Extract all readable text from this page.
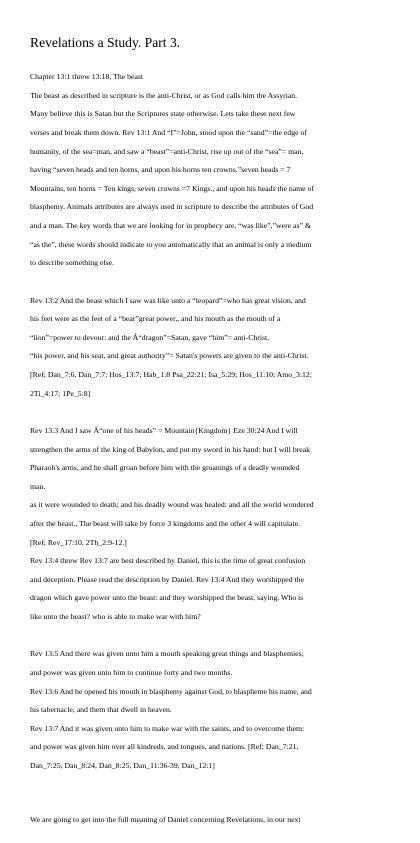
Revelations a Study. Part 3.

Chapter 13:1 threw 13:18, The beast

The beast as described in scripture is the anti-Christ, or as God calls him the Assyrian.

Many believe this is Satan but the Scriptures state otherwise. Lets take these next few

verses and break them down. Rev 13:1 And “I”=John, stood upon the “sand”=the edge of

humanity, of the sea=man, and saw a “beast”=anti-Christ, rise up out of the “sea”= man,

having “seven heads and ten horns, and upon his horns ten crowns.”seven heads = 7

Mountains, ten horns = Ten kings, seven crowns =7 Kings., and upon his heads the name of

blasphemy. Animals attributes are always used in scripture to describe the attributes of God

and a man. The key words that we are looking for in prophecy are, “was like”,”were as” &

“as the”, these words should indicate to you automatically that an animal is only a medium

to describe something else.

Rev 13:2 And the beast which I saw was like unto a “leopard”=who has great vision, and

his feet were as the feet of a “bear”great power,, and his mouth as the mouth of a

“lion”=power to devour: and the Â“dragon”=Satan, gave “him”= anti-Christ,

“his power, and his seat, and great authority”= Satan's powers are given to the anti-Christ.

[Ref; Dan_7:6, Dan_7:7; Hos_13:7; Hab_1:8 Psa_22:21; Isa_5:29; Hos_11:10; Amo_3:12;

2Ti_4:17; 1Pe_5:8]

Rev 13:3 And I saw Â“one of his heads” = Mountain{Kingdom} Eze 30:24 And I will

strengthen the arms of the king of Babylon, and put my sword in his hand: but I will break

Pharaoh's arms, and he shall groan before him with the groanings of a deadly wounded

man.

as it were wounded to death; and his deadly wound was healed: and all the world wondered

after the beast., The beast will take by force 3 kingdoms and the other 4 will capitulate.

[Ref; Rev_17:10, 2Th_2:9-12.]

Rev 13:4 threw Rev 13:7 are best described by Daniel, this is the time of great confusion

and deception. Please read the description by Daniel. Rev 13:4 And they worshipped the

dragon which gave power unto the beast: and they worshipped the beast, saying, Who is

like unto the beast? who is able to make war with him?

Rev 13:5 And there was given unto him a mouth speaking great things and blasphemies;

and power was given unto him to continue forty and two months.

Rev 13:6 And he opened his mouth in blasphemy against God, to blaspheme his name, and

his tabernacle, and them that dwell in heaven.

Rev 13:7 And it was given unto him to make war with the saints, and to overcome them:

and power was given him over all kindreds, and tongues, and nations. [Ref; Dan_7:21,

Dan_7:25, Dan_8:24, Dan_8:25, Dan_11:36-39, Dan_12:1]

We are going to get into the full meaning of Daniel concerning Revelations, in our next
